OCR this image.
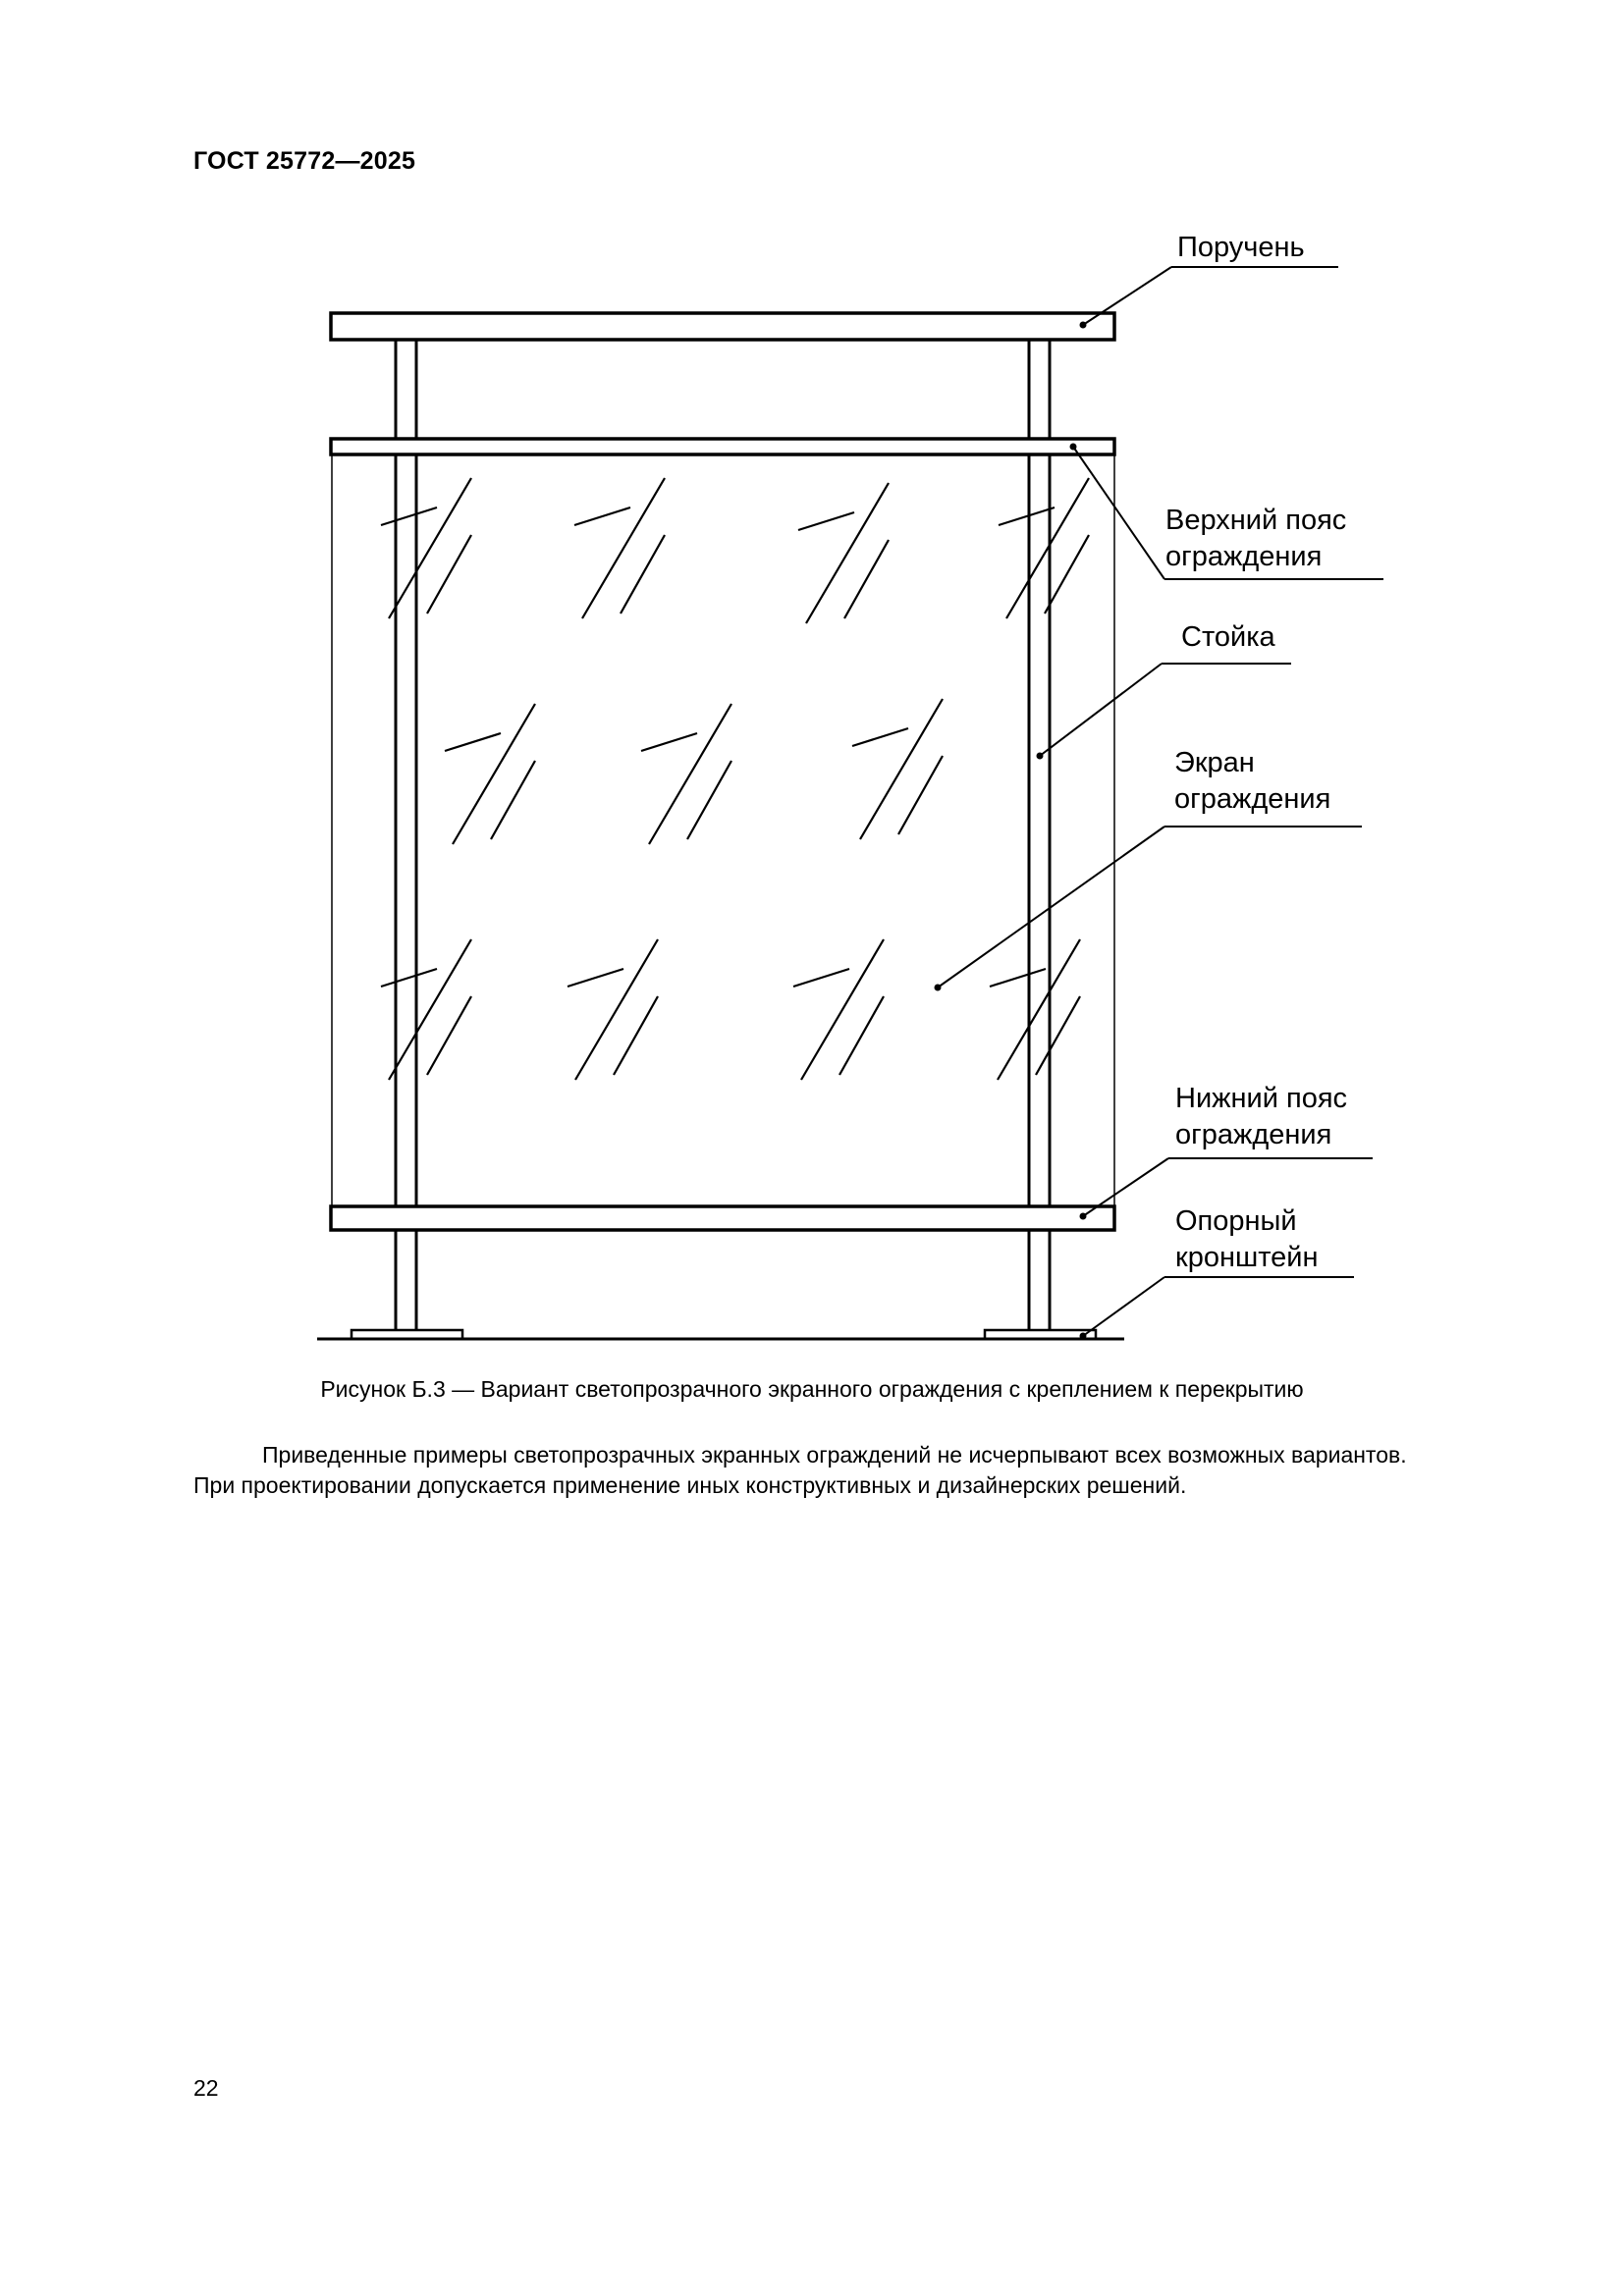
ГОСТ 25772—2025
Поручень
Верхний пояс
ограждения
Стойка
Экран
ограждения
Нижний пояс
ограждения
Опорный
кронштейн
Рисунок Б.3 — Вариант светопрозрачного экранного ограждения с креплением к перекрытию

Приведенные примеры светопрозрачных экранных ограждений не исчерпывают всех возможных вариантов.

При проектировании допускается применение иных конструктивных и дизайнерских решений.

22
